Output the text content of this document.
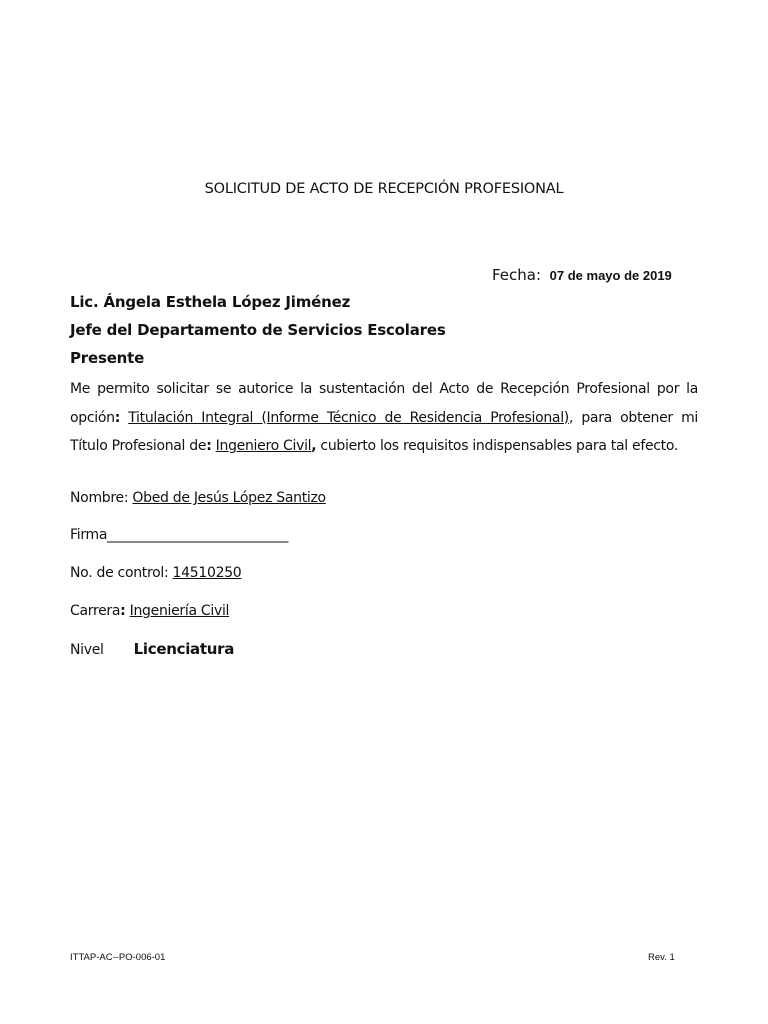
SOLICITUD DE ACTO DE RECEPCIÓN PROFESIONAL
Fecha: 07 de mayo de 2019
Lic. Ángela Esthela López Jiménez
Jefe del Departamento de Servicios Escolares
Presente
Me permito solicitar se autorice la sustentación del Acto de Recepción Profesional por la opción: Titulación Integral (Informe Técnico de Residencia Profesional), para obtener mi Título Profesional de: Ingeniero Civil, cubierto los requisitos indispensables para tal efecto.
Nombre: Obed de Jesús López Santizo
Firma___________________________
No. de control: 14510250
Carrera: Ingeniería Civil
Nivel Licenciatura
ITTAP-AC--PO-006-01	Rev. 1
